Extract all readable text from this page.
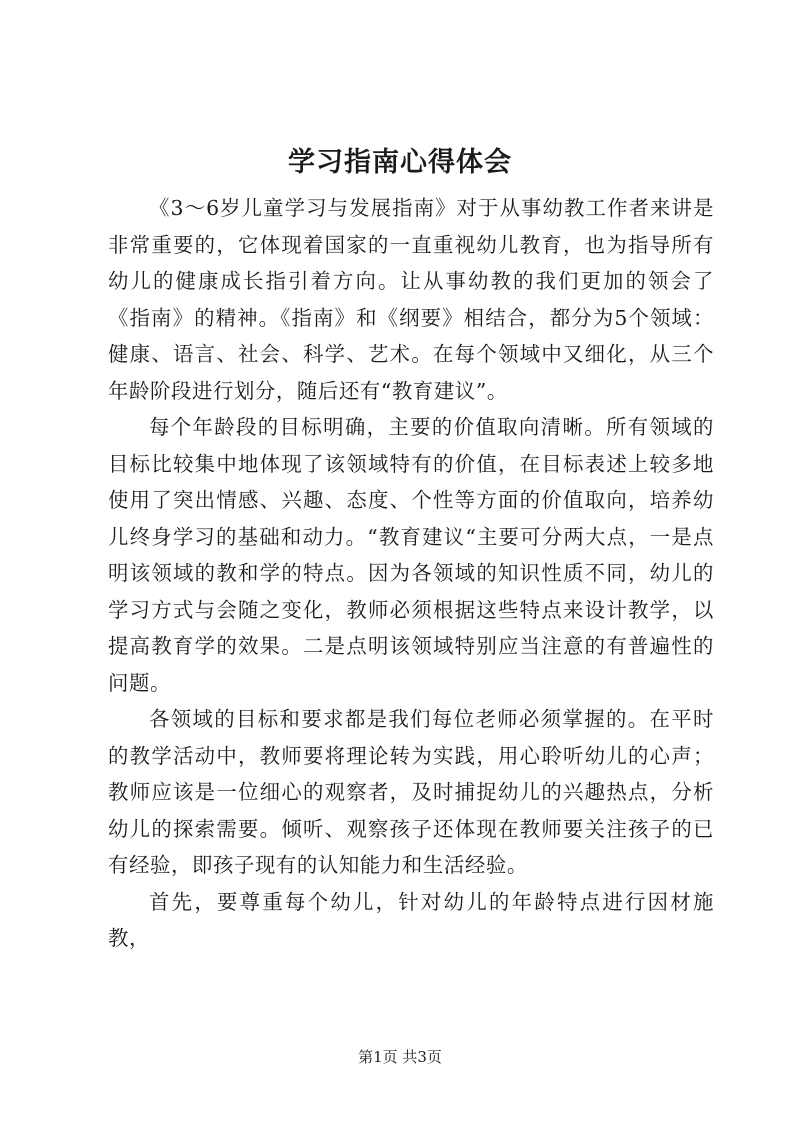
学习指南心得体会

《3～6岁儿童学习与发展指南》对于从事幼教工作者来讲是非常重要的，它体现着国家的一直重视幼儿教育，也为指导所有幼儿的健康成长指引着方向。让从事幼教的我们更加的领会了《指南》的精神。《指南》和《纲要》相结合，都分为5个领域：健康、语言、社会、科学、艺术。在每个领域中又细化，从三个年龄阶段进行划分，随后还有“教育建议”。

每个年龄段的目标明确，主要的价值取向清晰。所有领域的目标比较集中地体现了该领域特有的价值，在目标表述上较多地使用了突出情感、兴趣、态度、个性等方面的价值取向，培养幼儿终身学习的基础和动力。“教育建议“主要可分两大点，一是点明该领域的教和学的特点。因为各领域的知识性质不同，幼儿的学习方式与会随之变化，教师必须根据这些特点来设计教学，以提高教育学的效果。二是点明该领域特别应当注意的有普遍性的问题。

各领域的目标和要求都是我们每位老师必须掌握的。在平时的教学活动中，教师要将理论转为实践，用心聆听幼儿的心声；教师应该是一位细心的观察者，及时捕捉幼儿的兴趣热点，分析幼儿的探索需要。倾听、观察孩子还体现在教师要关注孩子的已有经验，即孩子现有的认知能力和生活经验。

首先，要尊重每个幼儿，针对幼儿的年龄特点进行因材施教，

第1页 共3页
